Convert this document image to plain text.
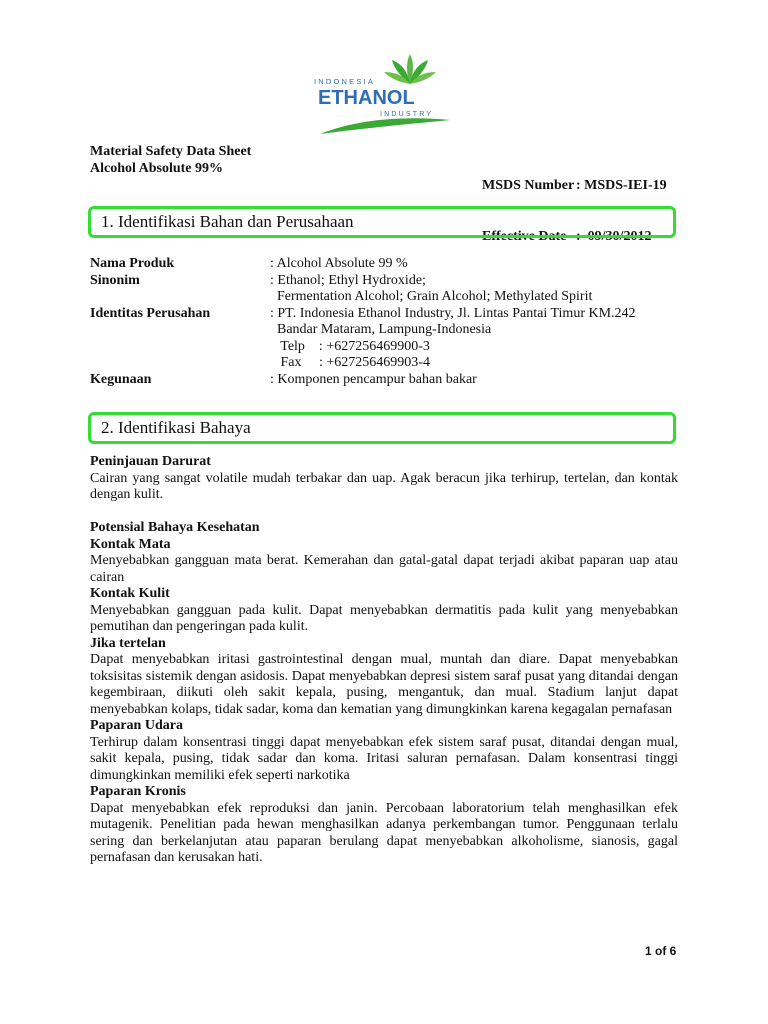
INDONESIA
ETHANOL
INDUSTRY
Material Safety Data Sheet
Alcohol Absolute 99%

MSDS Number : MSDS-IEI-19

Effective Date :  09/30/2012

1. Identifikasi Bahan dan Perusahaan
Nama Produk	: Alcohol Absolute 99 %
Sinonim	: Ethanol; Ethyl Hydroxide;
Fermentation Alcohol; Grain Alcohol; Methylated Spirit
Identitas Perusahan	: PT. Indonesia Ethanol Industry, Jl. Lintas Pantai Timur KM.242
Bandar Mataram, Lampung-Indonesia
Telp    : +627256469900-3
Fax     : +627256469903-4
Kegunaan	: Komponen pencampur bahan bakar
2. Identifikasi Bahaya
Peninjauan Darurat
Cairan yang sangat volatile mudah terbakar dan uap. Agak beracun jika terhirup, tertelan, dan kontak dengan kulit.
Potensial Bahaya Kesehatan
Kontak Mata
Menyebabkan gangguan mata berat. Kemerahan dan gatal-gatal dapat terjadi akibat paparan uap atau cairan
Kontak Kulit
Menyebabkan gangguan pada kulit. Dapat menyebabkan dermatitis pada kulit yang menyebabkan pemutihan dan pengeringan pada kulit.
Jika tertelan
Dapat menyebabkan iritasi gastrointestinal dengan mual, muntah dan diare. Dapat menyebabkan toksisitas sistemik dengan asidosis. Dapat menyebabkan depresi sistem saraf pusat yang ditandai dengan kegembiraan, diikuti oleh sakit kepala, pusing, mengantuk, dan mual. Stadium lanjut dapat menyebabkan kolaps, tidak sadar, koma dan kematian yang dimungkinkan karena kegagalan pernafasan
Paparan Udara
Terhirup dalam konsentrasi tinggi dapat menyebabkan efek sistem saraf pusat, ditandai dengan mual, sakit kepala, pusing, tidak sadar dan koma. Iritasi saluran pernafasan. Dalam konsentrasi tinggi dimungkinkan memiliki efek seperti narkotika
Paparan Kronis
Dapat menyebabkan efek reproduksi dan janin. Percobaan laboratorium telah menghasilkan efek mutagenik. Penelitian pada hewan menghasilkan adanya perkembangan tumor. Penggunaan terlalu sering dan berkelanjutan atau paparan berulang dapat menyebabkan alkoholisme, sianosis, gagal pernafasan dan kerusakan hati.
1 of 6
